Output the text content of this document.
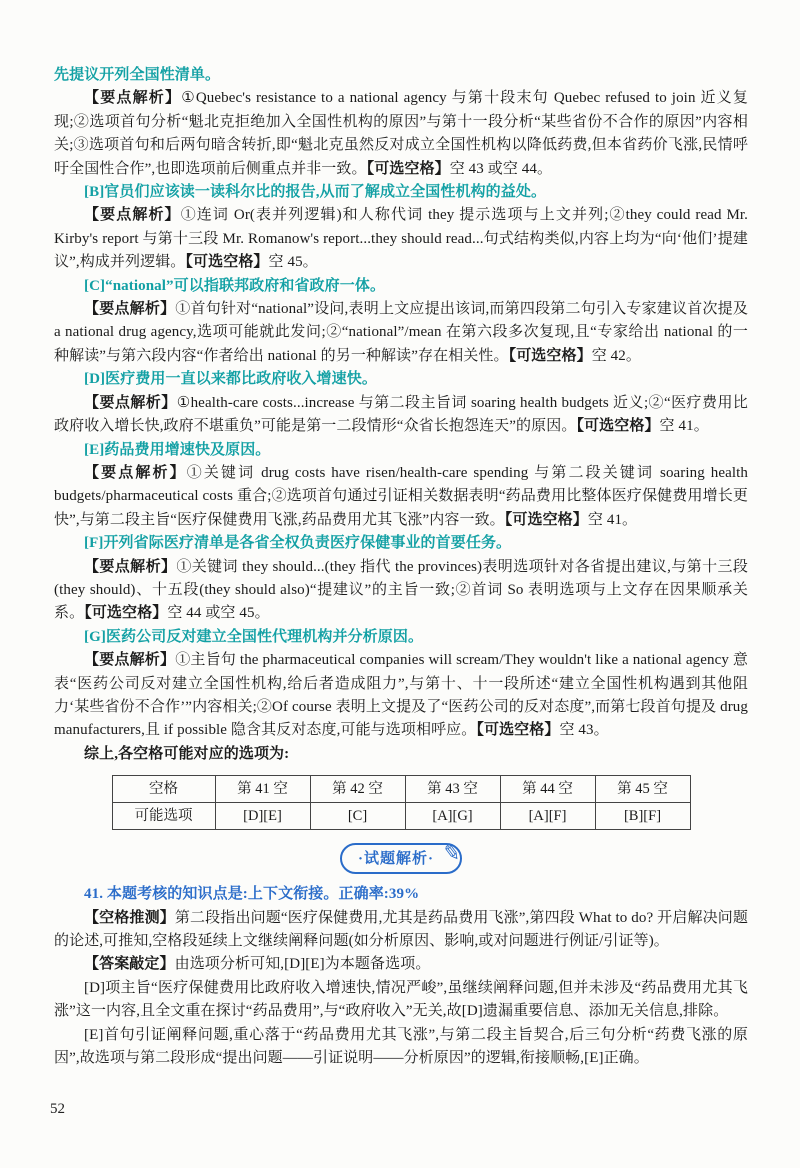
先提议开列全国性清单。

【要点解析】①Quebec's resistance to a national agency 与第十段末句 Quebec refused to join 近义复现;②选项首句分析“魁北克拒绝加入全国性机构的原因”与第十一段分析“某些省份不合作的原因”内容相关;③选项首句和后两句暗含转折,即“魁北克虽然反对成立全国性机构以降低药费,但本省药价飞涨,民情呼吁全国性合作”,也即选项前后侧重点并非一致。【可选空格】空 43 或空 44。

[B]官员们应该读一读科尔比的报告,从而了解成立全国性机构的益处。

【要点解析】①连词 Or(表并列逻辑)和人称代词 they 提示选项与上文并列;②they could read Mr. Kirby's report 与第十三段 Mr. Romanow's report...they should read...句式结构类似,内容上均为“向‘他们’提建议”,构成并列逻辑。【可选空格】空 45。

[C]“national”可以指联邦政府和省政府一体。

【要点解析】①首句针对“national”设问,表明上文应提出该词,而第四段第二句引入专家建议首次提及 a national drug agency,选项可能就此发问;②“national”/mean 在第六段多次复现,且“专家给出 national 的一种解读”与第六段内容“作者给出 national 的另一种解读”存在相关性。【可选空格】空 42。

[D]医疗费用一直以来都比政府收入增速快。

【要点解析】①health-care costs...increase 与第二段主旨词 soaring health budgets 近义;②“医疗费用比政府收入增长快,政府不堪重负”可能是第一二段情形“众省长抱怨连天”的原因。【可选空格】空 41。

[E]药品费用增速快及原因。

【要点解析】①关键词 drug costs have risen/health-care spending 与第二段关键词 soaring health budgets/pharmaceutical costs 重合;②选项首句通过引证相关数据表明“药品费用比整体医疗保健费用增长更快”,与第二段主旨“医疗保健费用飞涨,药品费用尤其飞涨”内容一致。【可选空格】空 41。

[F]开列省际医疗清单是各省全权负责医疗保健事业的首要任务。

【要点解析】①关键词 they should...(they 指代 the provinces)表明选项针对各省提出建议,与第十三段(they should)、十五段(they should also)“提建议”的主旨一致;②首词 So 表明选项与上文存在因果顺承关系。【可选空格】空 44 或空 45。

[G]医药公司反对建立全国性代理机构并分析原因。

【要点解析】①主旨句 the pharmaceutical companies will scream/They wouldn't like a national agency 意表“医药公司反对建立全国性机构,给后者造成阻力”,与第十、十一段所述“建立全国性机构遇到其他阻力‘某些省份不合作’”内容相关;②Of course 表明上文提及了“医药公司的反对态度”,而第七段首句提及 drug manufacturers,且 if possible 隐含其反对态度,可能与选项相呼应。【可选空格】空 43。

综上,各空格可能对应的选项为:

空格	第 41 空	第 42 空	第 43 空	第 44 空	第 45 空
可能选项	[D][E]	[C]	[A][G]	[A][F]	[B][F]
·试题解析· ✎

41. 本题考核的知识点是:上下文衔接。正确率:39%

【空格推测】第二段指出问题“医疗保健费用,尤其是药品费用飞涨”,第四段 What to do? 开启解决问题的论述,可推知,空格段延续上文继续阐释问题(如分析原因、影响,或对问题进行例证/引证等)。

【答案敲定】由选项分析可知,[D][E]为本题备选项。

[D]项主旨“医疗保健费用比政府收入增速快,情况严峻”,虽继续阐释问题,但并未涉及“药品费用尤其飞涨”这一内容,且全文重在探讨“药品费用”,与“政府收入”无关,故[D]遗漏重要信息、添加无关信息,排除。

[E]首句引证阐释问题,重心落于“药品费用尤其飞涨”,与第二段主旨契合,后三句分析“药费飞涨的原因”,故选项与第二段形成“提出问题——引证说明——分析原因”的逻辑,衔接顺畅,[E]正确。

52
